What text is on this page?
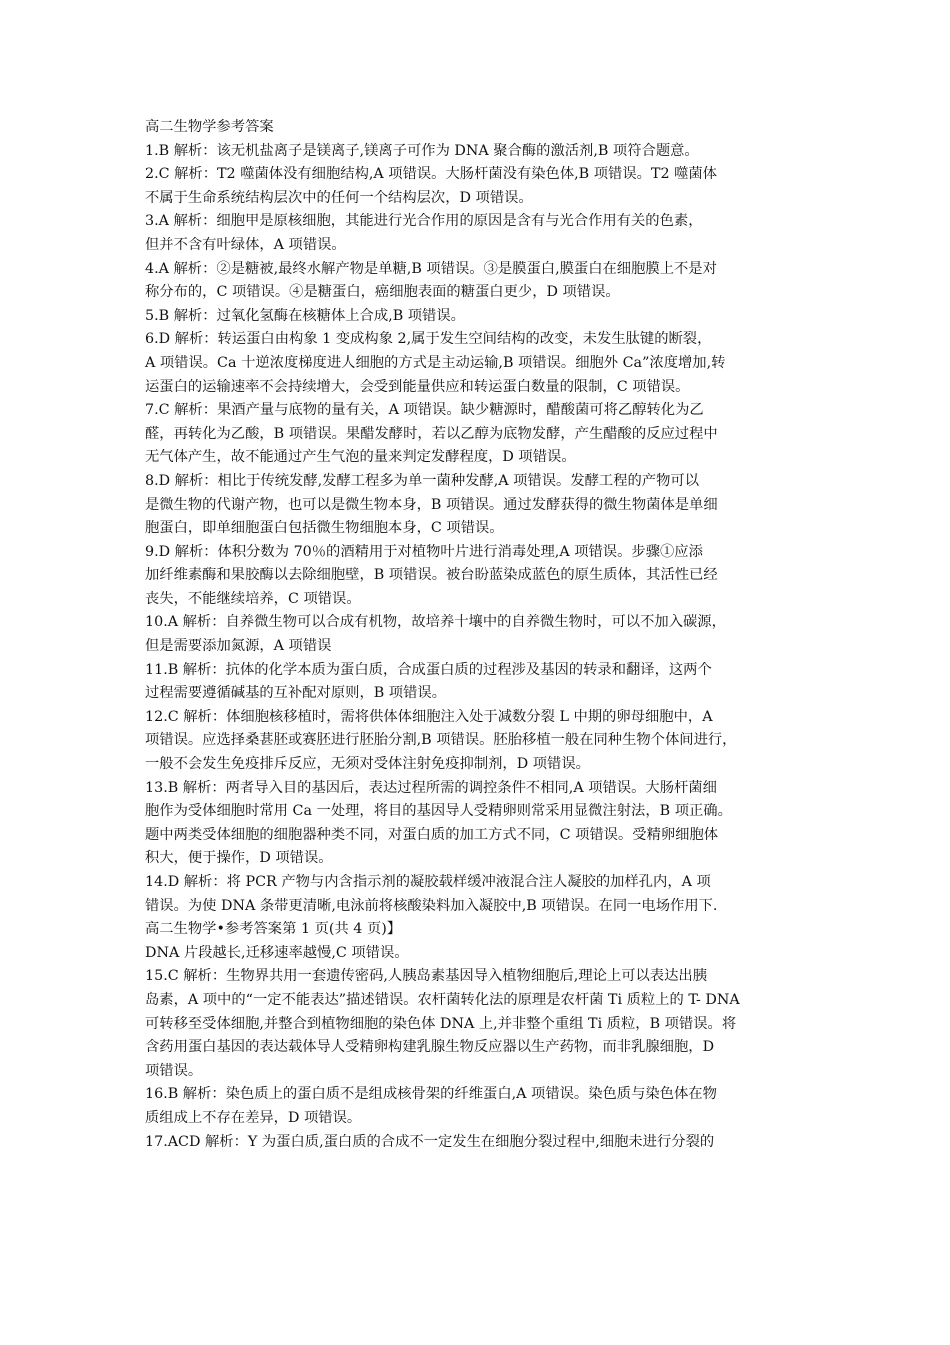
高二生物学参考答案
1.B 解析：该无机盐离子是镁离子,镁离子可作为 DNA 聚合酶的激活剂,B 项符合题意。
2.C 解析：T2 噬菌体没有细胞结构,A 项错误。大肠杆菌没有染色体,B 项错误。T2 噬菌体
不属于生命系统结构层次中的任何一个结构层次，D 项错误。
3.A 解析：细胞甲是原核细胞，其能进行光合作用的原因是含有与光合作用有关的色素，
但并不含有叶绿体，A 项错误。
4.A 解析：②是糖被,最终水解产物是单糖,B 项错误。③是膜蛋白,膜蛋白在细胞膜上不是对
称分布的，C 项错误。④是糖蛋白，癌细胞表面的糖蛋白更少，D 项错误。
5.B 解析：过氧化氢酶在核糖体上合成,B 项错误。
6.D 解析：转运蛋白由构象 1 变成构象 2,属于发生空间结构的改变，未发生肽键的断裂，
A 项错误。Ca 十逆浓度梯度进人细胞的方式是主动运输,B 项错误。细胞外 Ca”浓度增加,转
运蛋白的运输速率不会持续增大，会受到能量供应和转运蛋白数量的限制，C 项错误。
7.C 解析：果酒产量与底物的量有关，A 项错误。缺少糖源时，醋酸菌可将乙醇转化为乙
醛，再转化为乙酸，B 项错误。果醋发酵时，若以乙醇为底物发酵，产生醋酸的反应过程中
无气体产生，故不能通过产生气泡的量来判定发酵程度，D 项错误。
8.D 解析：相比于传统发酵,发酵工程多为单一菌种发酵,A 项错误。发酵工程的产物可以
是微生物的代谢产物，也可以是微生物本身，B 项错误。通过发酵获得的微生物菌体是单细
胞蛋白，即单细胞蛋白包括微生物细胞本身，C 项错误。
9.D 解析：体积分数为 70％的酒精用于对植物叶片进行消毒处理,A 项错误。步骤①应添
加纤维素酶和果胶酶以去除细胞壁，B 项错误。被台盼蓝染成蓝色的原生质体，其活性已经
丧失，不能继续培养，C 项错误。
10.A 解析：自养微生物可以合成有机物，故培养十壤中的自养微生物时，可以不加入碳源，
但是需要添加氮源，A 项错误
11.B 解析：抗体的化学本质为蛋白质，合成蛋白质的过程涉及基因的转录和翻译，这两个
过程需要遵循碱基的互补配对原则，B 项错误。
12.C 解析：体细胞核移植时，需将供体体细胞注入处于减数分裂 L 中期的卵母细胞中，A
项错误。应选择桑葚胚或赛胚进行胚胎分割,B 项错误。胚胎移植一般在同种生物个体间进行，
一般不会发生免疫排斥反应，无须对受体注射免疫抑制剂，D 项错误。
13.B 解析：两者导入目的基因后，表达过程所需的调控条件不相同,A 项错误。大肠杆菌细
胞作为受体细胞时常用 Ca 一处理，将目的基因导人受精卵则常采用显微注射法，B 项正确。
题中两类受体细胞的细胞器种类不同，对蛋白质的加工方式不同，C 项错误。受精卵细胞体
积大，便于操作，D 项错误。
14.D 解析：将 PCR 产物与内含指示剂的凝胶载样缓冲液混合注人凝胶的加样孔内，A 项
错误。为使 DNA 条带更清晰,电泳前将核酸染料加入凝胶中,B 项错误。在同一电场作用下.
高二生物学•参考答案第 1 页(共 4 页)】
DNA 片段越长,迁移速率越慢,C 项错误。
15.C 解析：生物界共用一套遗传密码,人胰岛素基因导入植物细胞后,理论上可以表达出胰
岛素，A 项中的“一定不能表达”描述错误。农杆菌转化法的原理是农杆菌 Ti 质粒上的 T- DNA
可转移至受体细胞,并整合到植物细胞的染色体 DNA 上,并非整个重组 Ti 质粒，B 项错误。将
含药用蛋白基因的表达载体导人受精卵构建乳腺生物反应器以生产药物，而非乳腺细胞，D
项错误。
16.B 解析：染色质上的蛋白质不是组成核骨架的纤维蛋白,A 项错误。染色质与染色体在物
质组成上不存在差异，D 项错误。
17.ACD 解析：Y 为蛋白质,蛋白质的合成不一定发生在细胞分裂过程中,细胞未进行分裂的
